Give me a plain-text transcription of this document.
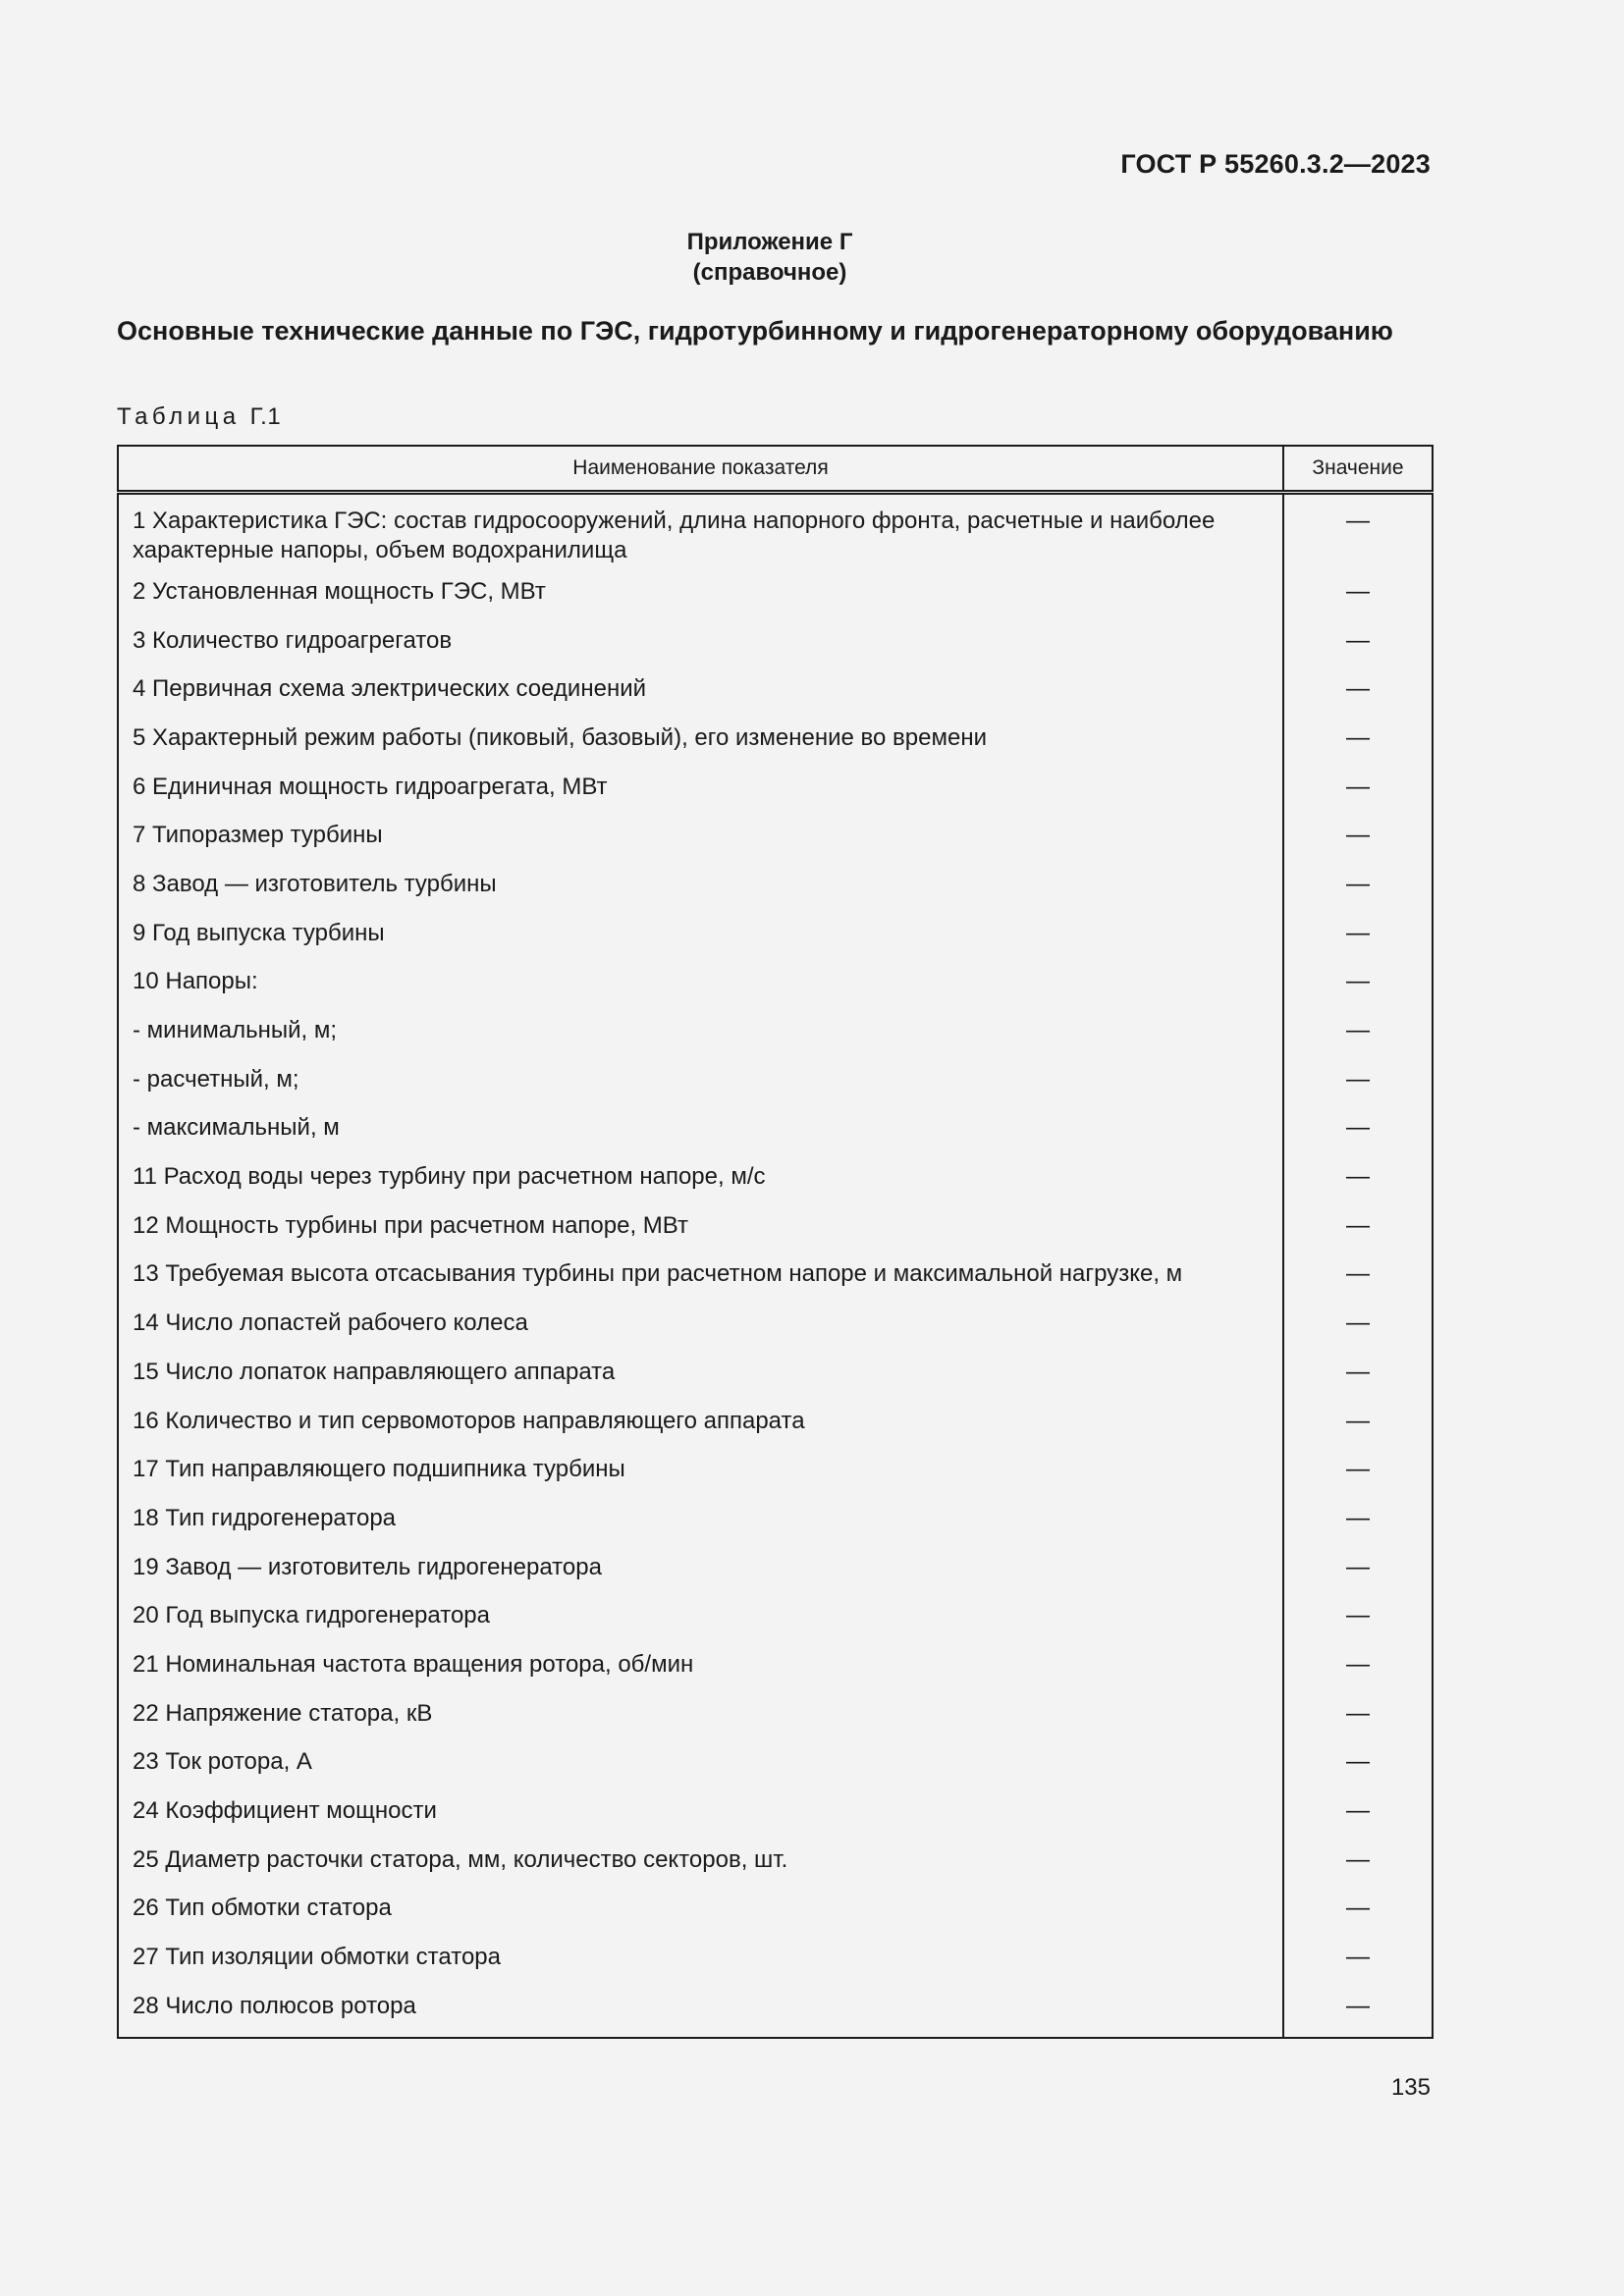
ГОСТ Р 55260.3.2—2023
Приложение Г
(справочное)
Основные технические данные по ГЭС, гидротурбинному и гидрогенераторному оборудованию
Таблица Г.1
Наименование показателя	Значение
1 Характеристика ГЭС: состав гидросооружений, длина напорного фронта, расчетные и наиболее характерные напоры, объем водохранилища	—
2 Установленная мощность ГЭС, МВт	—
3 Количество гидроагрегатов	—
4 Первичная схема электрических соединений	—
5 Характерный режим работы (пиковый, базовый), его изменение во времени	—
6 Единичная мощность гидроагрегата, МВт	—
7 Типоразмер турбины	—
8 Завод — изготовитель турбины	—
9 Год выпуска турбины	—
10 Напоры:	—
- минимальный, м;	—
- расчетный, м;	—
- максимальный, м	—
11 Расход воды через турбину при расчетном напоре, м/с	—
12 Мощность турбины при расчетном напоре, МВт	—
13 Требуемая высота отсасывания турбины при расчетном напоре и максимальной нагрузке, м	—
14 Число лопастей рабочего колеса	—
15 Число лопаток направляющего аппарата	—
16 Количество и тип сервомоторов направляющего аппарата	—
17 Тип направляющего подшипника турбины	—
18 Тип гидрогенератора	—
19 Завод — изготовитель гидрогенератора	—
20 Год выпуска гидрогенератора	—
21 Номинальная частота вращения ротора, об/мин	—
22 Напряжение статора, кВ	—
23 Ток ротора, А	—
24 Коэффициент мощности	—
25 Диаметр расточки статора, мм, количество секторов, шт.	—
26 Тип обмотки статора	—
27 Тип изоляции обмотки статора	—
28 Число полюсов ротора	—
135
